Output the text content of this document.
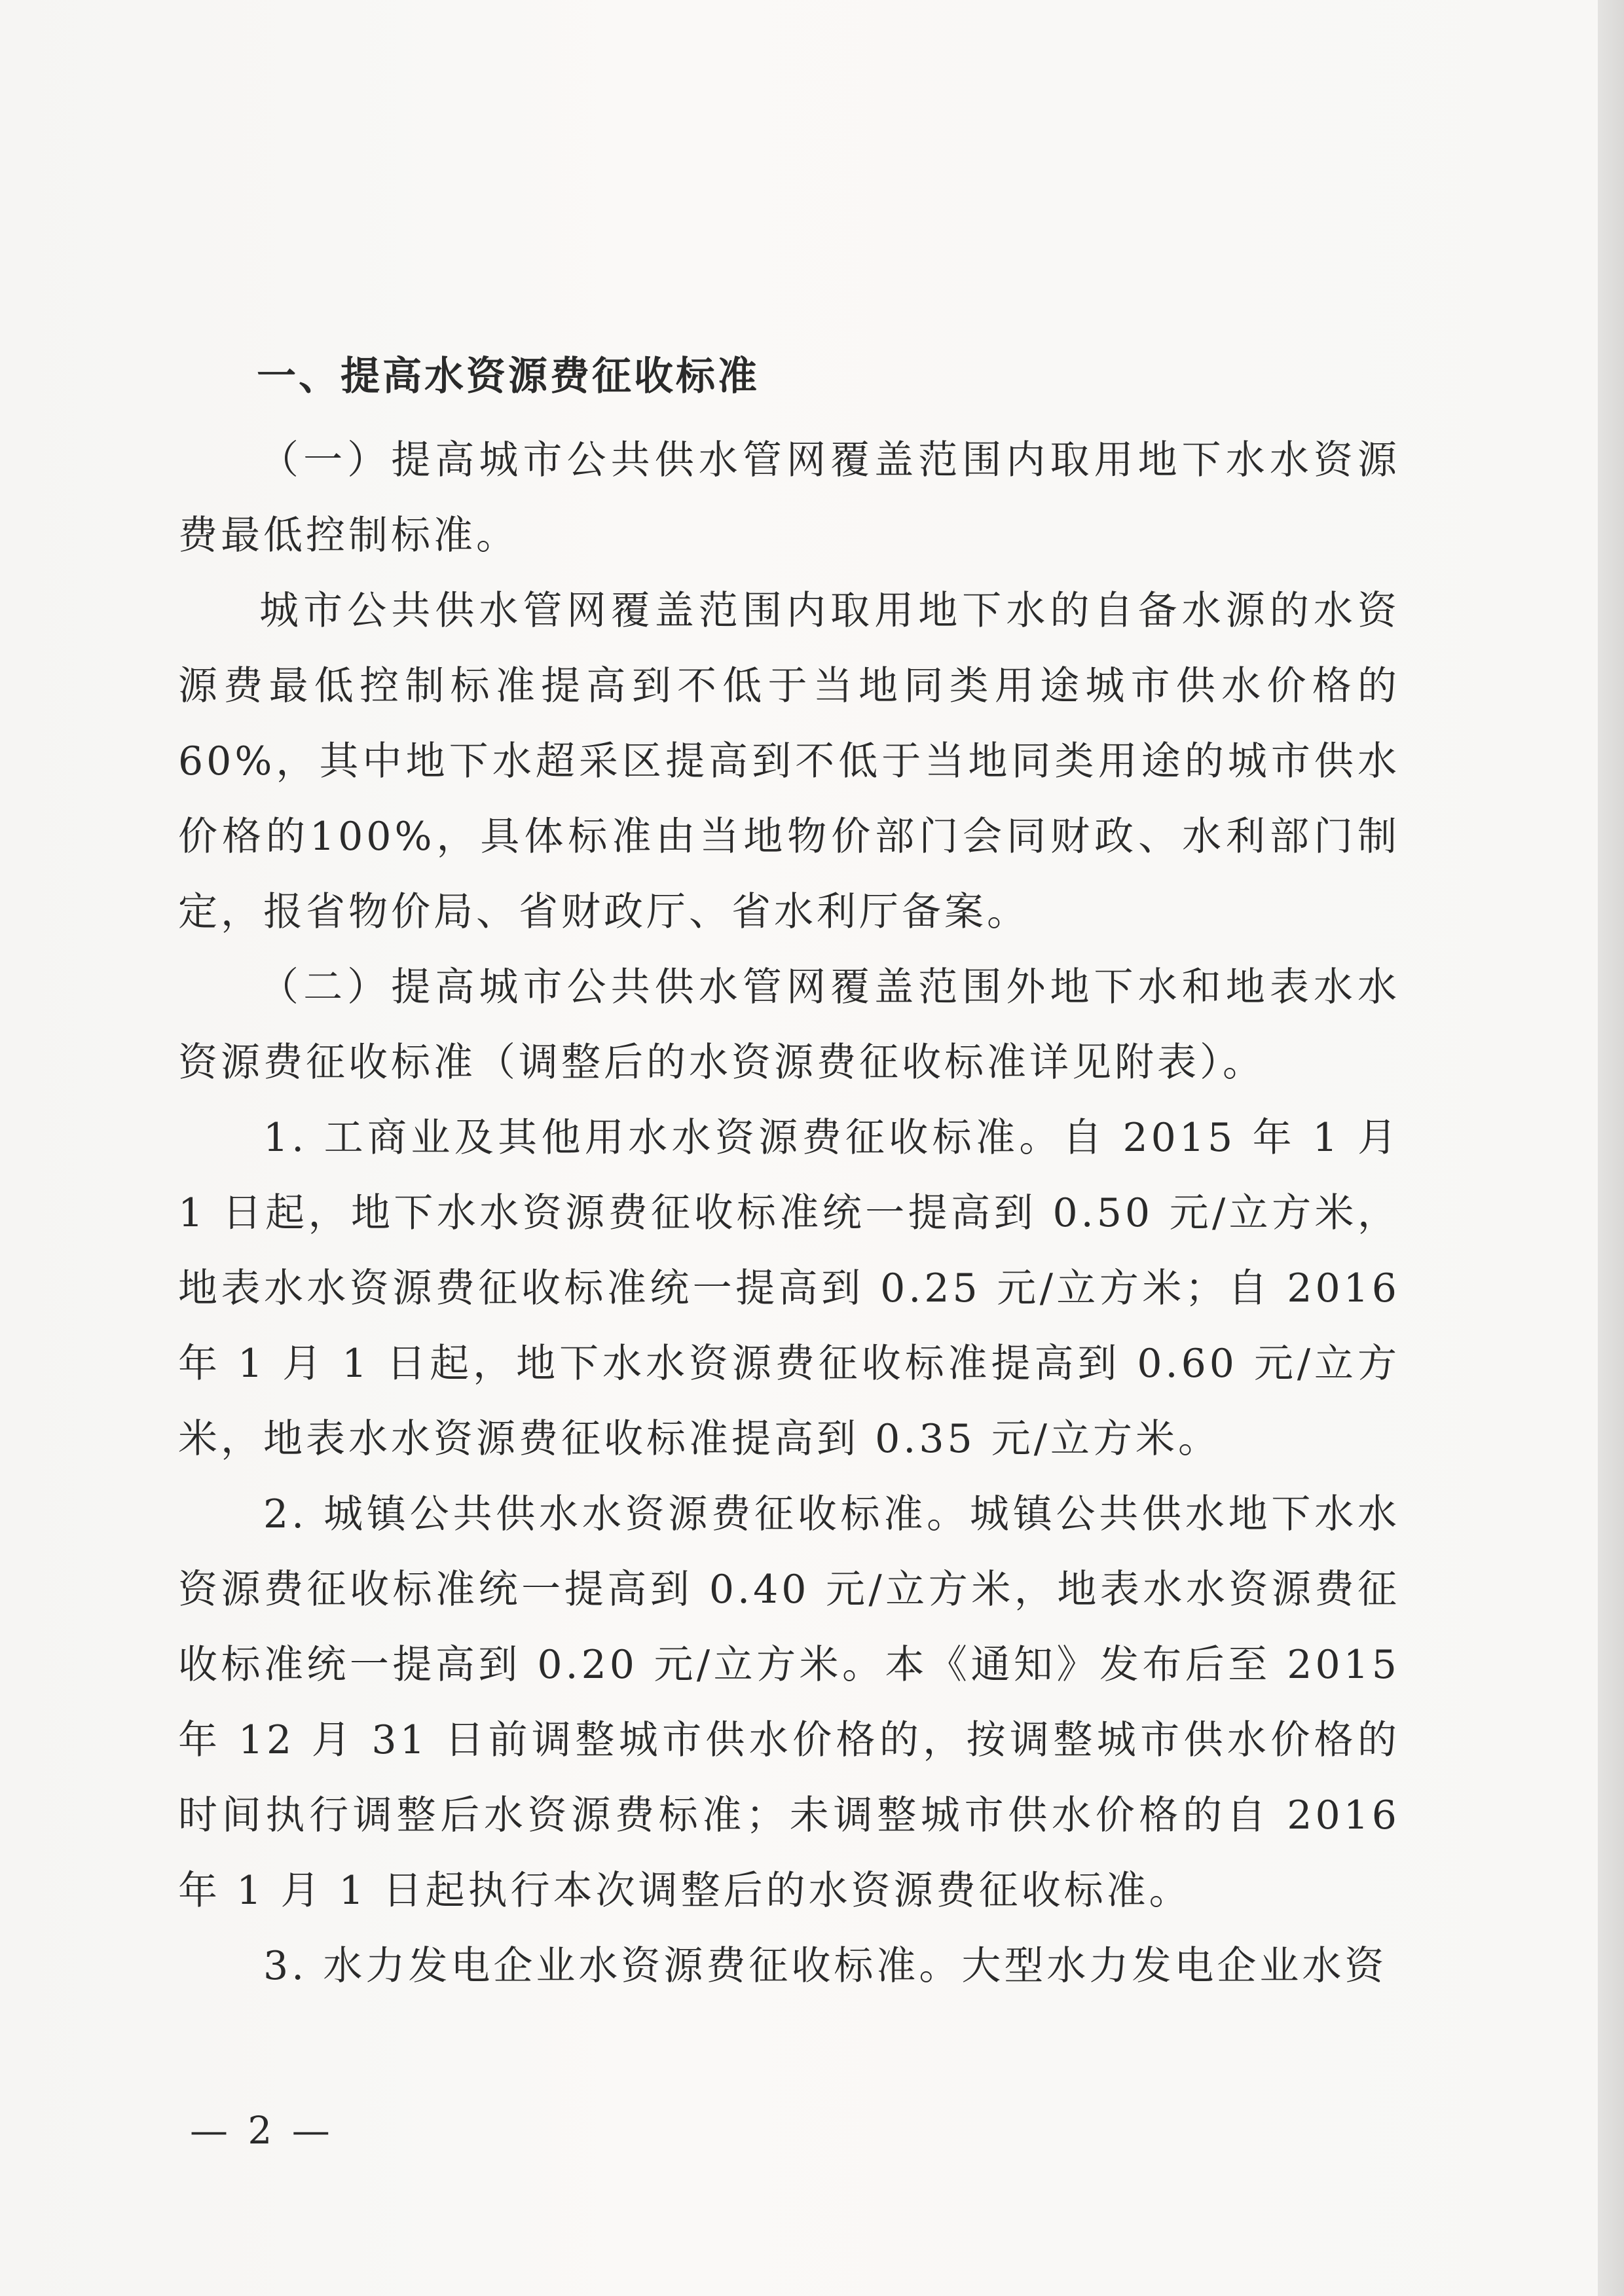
一、提高水资源费征收标准

（一）提高城市公共供水管网覆盖范围内取用地下水水资源费最低控制标准。

城市公共供水管网覆盖范围内取用地下水的自备水源的水资源费最低控制标准提高到不低于当地同类用途城市供水价格的60%，其中地下水超采区提高到不低于当地同类用途的城市供水价格的100%，具体标准由当地物价部门会同财政、水利部门制定，报省物价局、省财政厅、省水利厅备案。

（二）提高城市公共供水管网覆盖范围外地下水和地表水水资源费征收标准（调整后的水资源费征收标准详见附表）。

1. 工商业及其他用水水资源费征收标准。自 2015 年 1 月 1 日起，地下水水资源费征收标准统一提高到 0.50 元/立方米，地表水水资源费征收标准统一提高到 0.25 元/立方米；自 2016 年 1 月 1 日起，地下水水资源费征收标准提高到 0.60 元/立方米，地表水水资源费征收标准提高到 0.35 元/立方米。

2. 城镇公共供水水资源费征收标准。城镇公共供水地下水水资源费征收标准统一提高到 0.40 元/立方米，地表水水资源费征收标准统一提高到 0.20 元/立方米。本《通知》发布后至 2015 年 12 月 31 日前调整城市供水价格的，按调整城市供水价格的时间执行调整后水资源费标准；未调整城市供水价格的自 2016 年 1 月 1 日起执行本次调整后的水资源费征收标准。

3. 水力发电企业水资源费征收标准。大型水力发电企业水资

— 2 —
